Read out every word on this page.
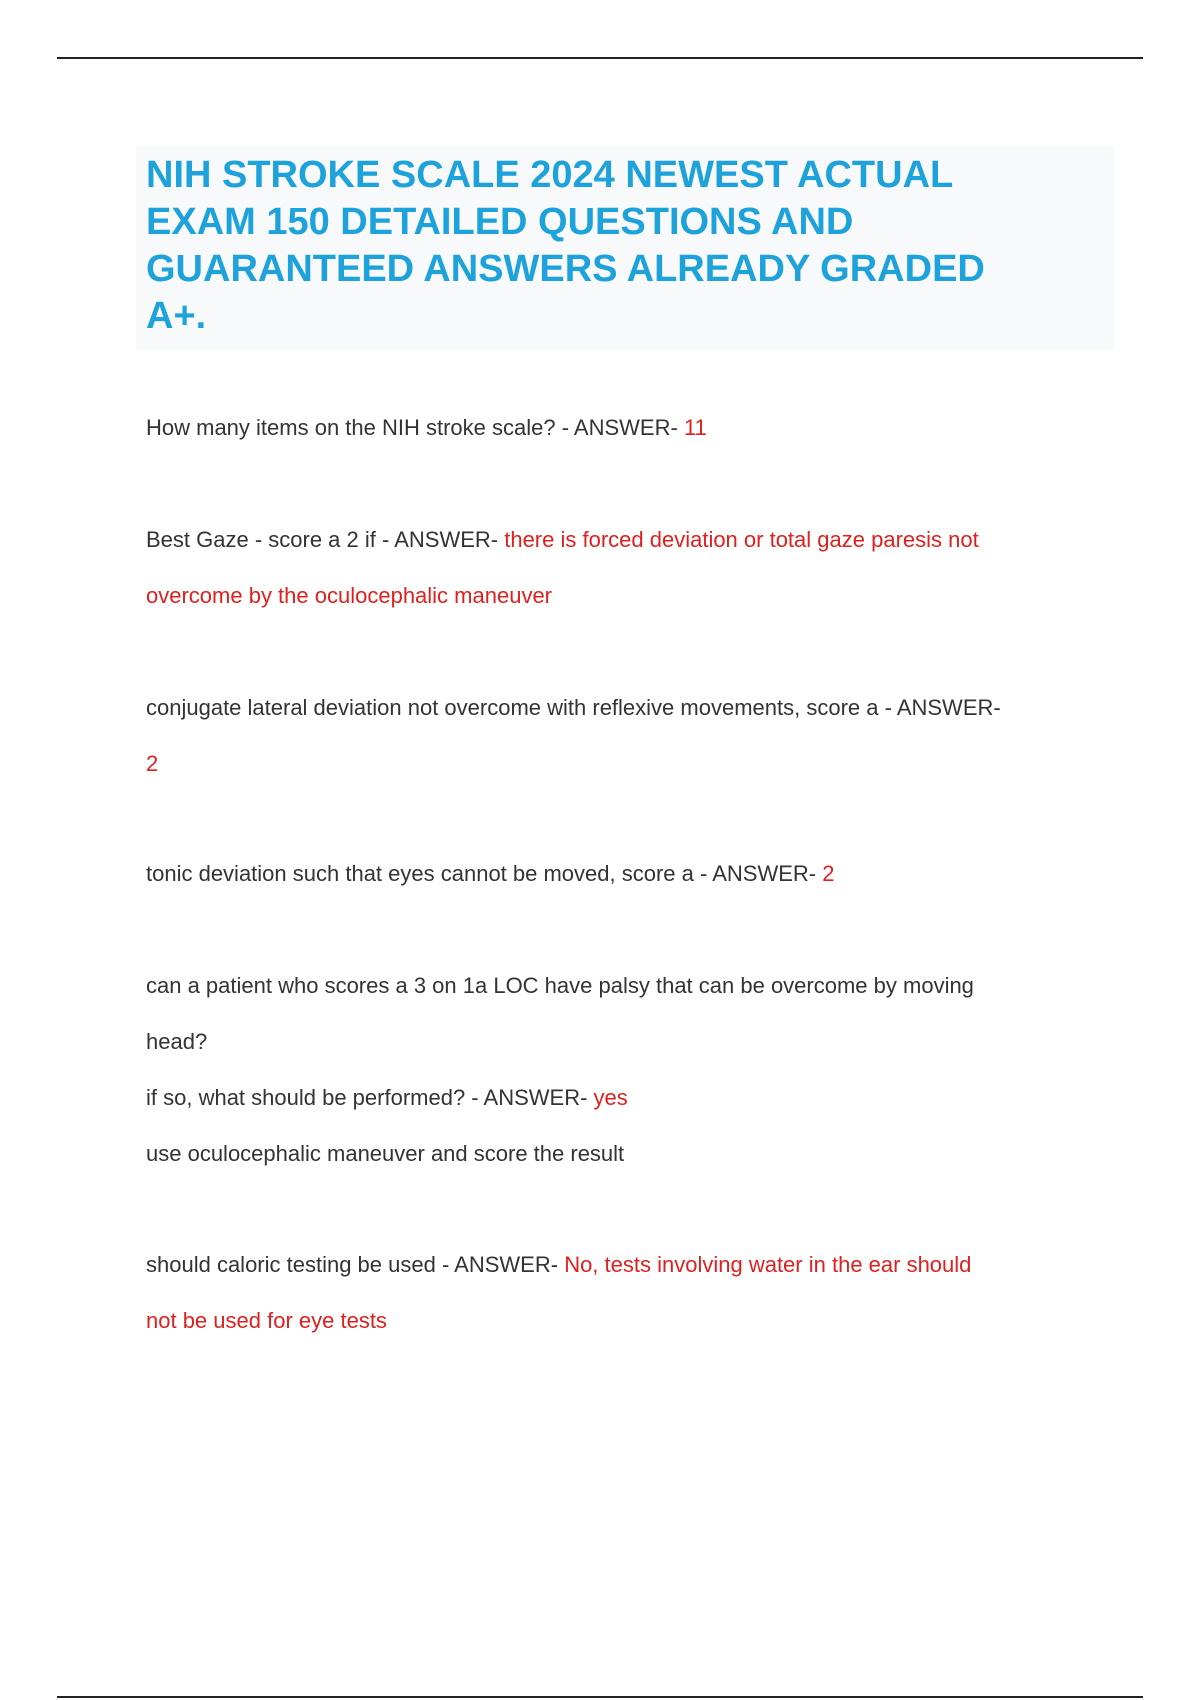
NIH STROKE SCALE 2024 NEWEST ACTUAL
EXAM 150 DETAILED QUESTIONS AND
GUARANTEED ANSWERS ALREADY GRADED
A+.
How many items on the NIH stroke scale? - ANSWER- 11
Best Gaze - score a 2 if - ANSWER- there is forced deviation or total gaze paresis not
overcome by the oculocephalic maneuver
conjugate lateral deviation not overcome with reflexive movements, score a - ANSWER-
2
tonic deviation such that eyes cannot be moved, score a - ANSWER- 2
can a patient who scores a 3 on 1a LOC have palsy that can be overcome by moving
head?
if so, what should be performed? - ANSWER- yes
use oculocephalic maneuver and score the result
should caloric testing be used - ANSWER- No, tests involving water in the ear should
not be used for eye tests
